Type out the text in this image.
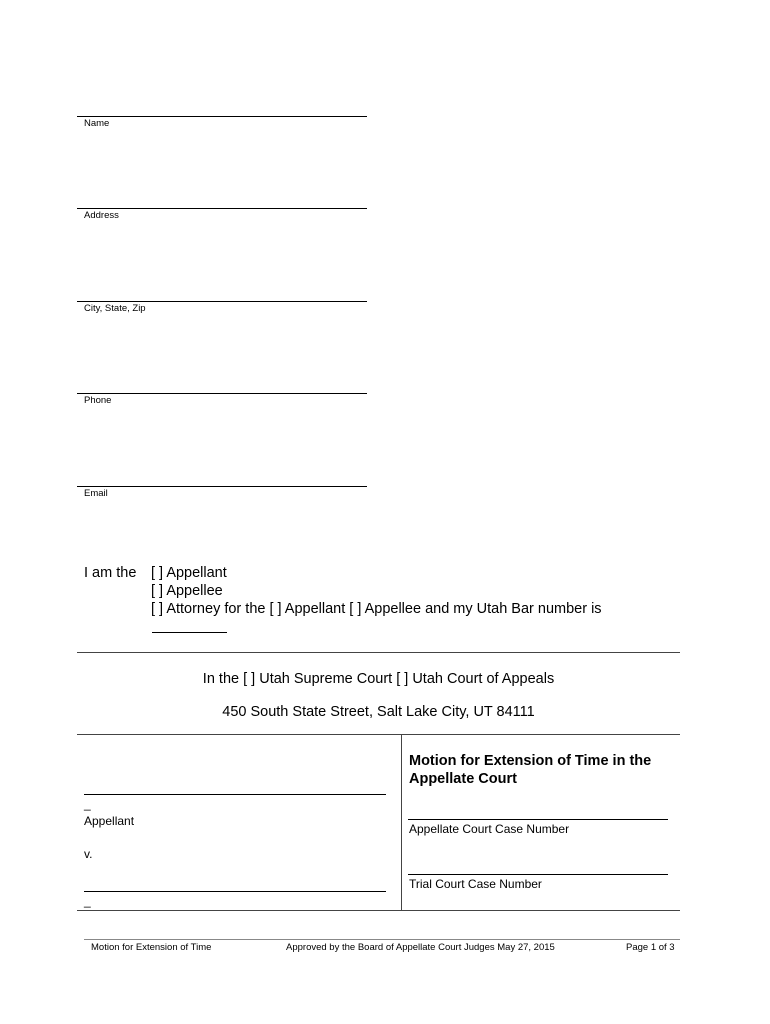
Name
Address
City, State, Zip
Phone
Email
I am the [ ] Appellant
[ ] Appellee
[ ] Attorney for the [ ] Appellant [ ] Appellee and my Utah Bar number is
In the [ ] Utah Supreme Court [ ] Utah Court of Appeals
450 South State Street, Salt Lake City, UT 84111
_
Appellant
v.
_
Motion for Extension of Time in the Appellate Court
Appellate Court Case Number
Trial Court Case Number
Motion for Extension of Time	Approved by the Board of Appellate Court Judges May 27, 2015	Page 1 of 3
